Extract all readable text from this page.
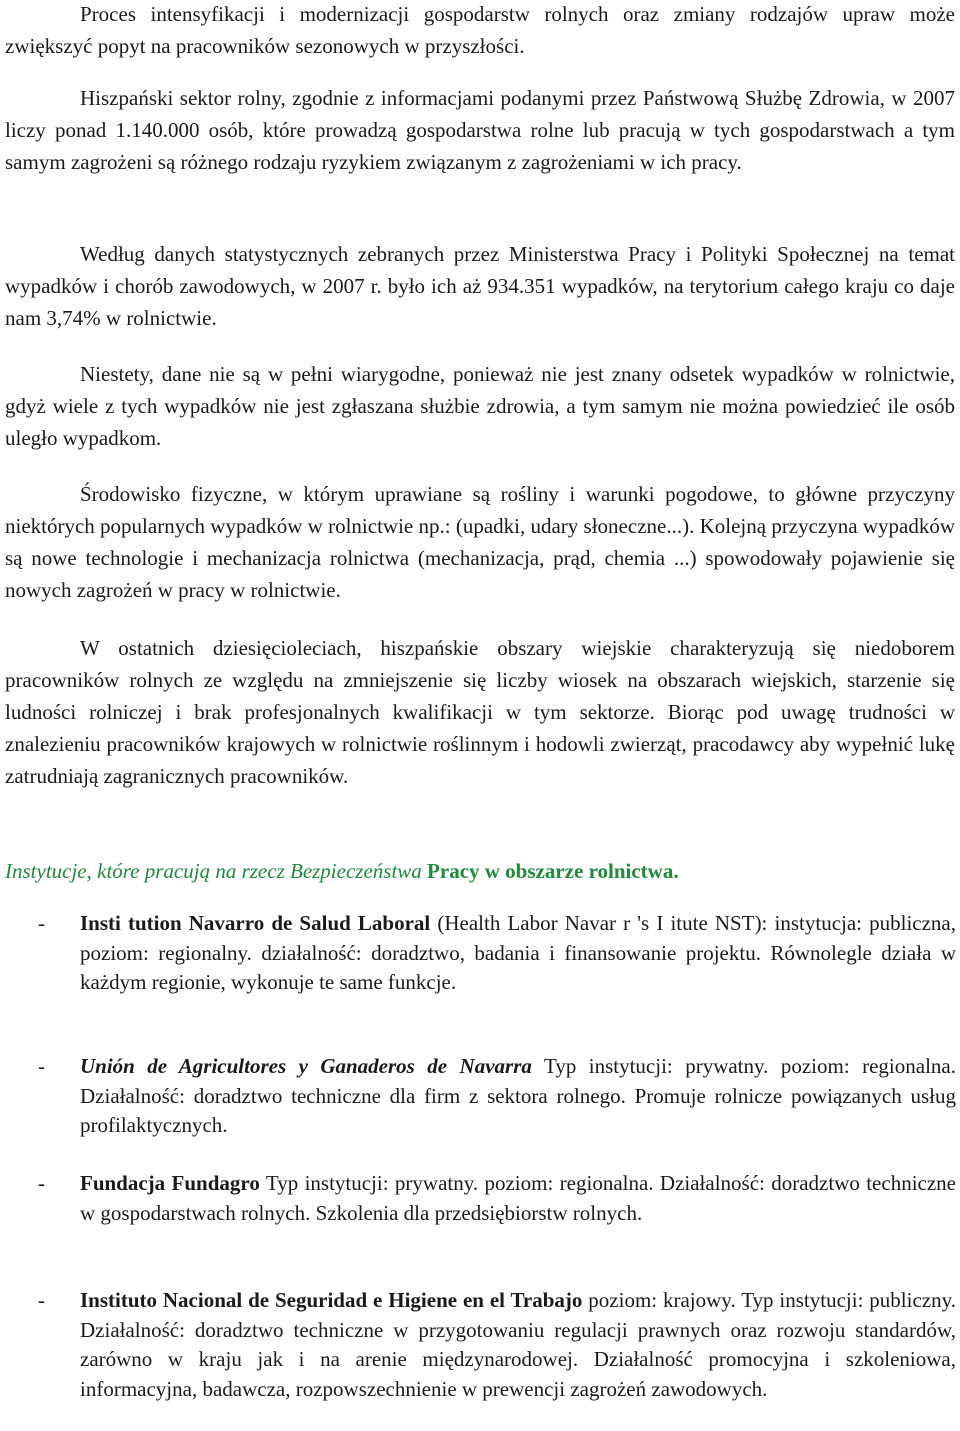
Proces intensyfikacji i modernizacji gospodarstw rolnych oraz zmiany rodzajów upraw może zwiększyć popyt na pracowników sezonowych w przyszłości.

Hiszpański sektor rolny, zgodnie z informacjami podanymi przez Państwową Służbę Zdrowia, w 2007 liczy ponad 1.140.000 osób, które prowadzą gospodarstwa rolne lub pracują w tych gospodarstwach a tym samym zagrożeni są różnego rodzaju ryzykiem związanym z zagrożeniami w ich pracy.

Według danych statystycznych zebranych przez Ministerstwa Pracy i Polityki Społecznej na temat wypadków i chorób zawodowych, w 2007 r. było ich aż 934.351 wypadków, na terytorium całego kraju co daje nam 3,74% w rolnictwie.

Niestety, dane nie są w pełni wiarygodne, ponieważ nie jest znany odsetek wypadków w rolnictwie, gdyż wiele z tych wypadków nie jest zgłaszana służbie zdrowia, a tym samym nie można powiedzieć ile osób uległo wypadkom.

Środowisko fizyczne, w którym uprawiane są rośliny i warunki pogodowe, to główne przyczyny niektórych popularnych wypadków w rolnictwie np.: (upadki, udary słoneczne...). Kolejną przyczyna wypadków są nowe technologie i mechanizacja rolnictwa (mechanizacja, prąd, chemia ...) spowodowały pojawienie się nowych zagrożeń w pracy w rolnictwie.

W ostatnich dziesięcioleciach, hiszpańskie obszary wiejskie charakteryzują się niedoborem pracowników rolnych ze względu na zmniejszenie się liczby wiosek na obszarach wiejskich, starzenie się ludności rolniczej i brak profesjonalnych kwalifikacji w tym sektorze. Biorąc pod uwagę trudności w znalezieniu pracowników krajowych w rolnictwie roślinnym i hodowli zwierząt, pracodawcy aby wypełnić lukę zatrudniają zagranicznych pracowników.

Instytucje, które pracują na rzecz Bezpieczeństwa Pracy w obszarze rolnictwa.
- Insti tution Navarro de Salud Laboral (Health Labor Navar r 's I itute NST): instytucja: publiczna, poziom: regionalny. działalność: doradztwo, badania i finansowanie projektu. Równolegle działa w każdym regionie, wykonuje te same funkcje.

- Unión de Agricultores y Ganaderos de Navarra Typ instytucji: prywatny. poziom: regionalna. Działalność: doradztwo techniczne dla firm z sektora rolnego. Promuje rolnicze powiązanych usług profilaktycznych.

- Fundacja Fundagro Typ instytucji: prywatny. poziom: regionalna. Działalność: doradztwo techniczne w gospodarstwach rolnych. Szkolenia dla przedsiębiorstw rolnych.

- Instituto Nacional de Seguridad e Higiene en el Trabajo poziom: krajowy. Typ instytucji: publiczny. Działalność: doradztwo techniczne w przygotowaniu regulacji prawnych oraz rozwoju standardów, zarówno w kraju jak i na arenie międzynarodowej. Działalność promocyjna i szkoleniowa, informacyjna, badawcza, rozpowszechnienie w prewencji zagrożeń zawodowych.
